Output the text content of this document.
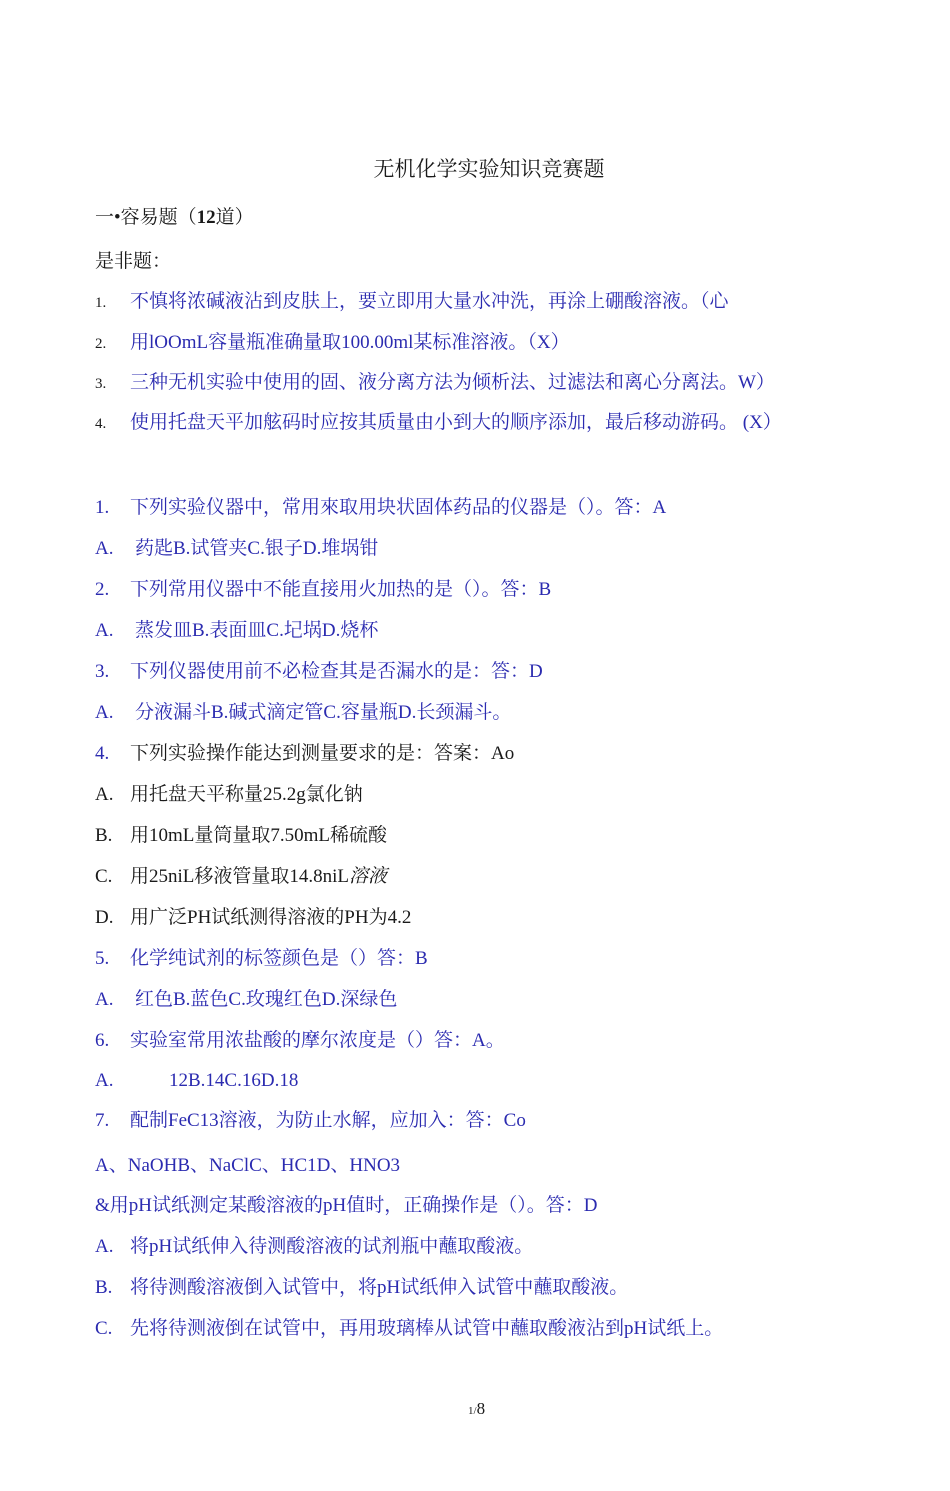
无机化学实验知识竞赛题
一•容易题（12道）
是非题：
1. 不慎将浓碱液沾到皮肤上，要立即用大量水冲洗，再涂上硼酸溶液。（心
2. 用lOOmL容量瓶准确量取100.00ml某标准溶液。（X）
3. 三种无机实验中使用的固、液分离方法为倾析法、过滤法和离心分离法。W）
4. 使用托盘天平加舷码时应按其质量由小到大的顺序添加，最后移动游码。 (X）
1. 下列实验仪器中，常用來取用块状固体药品的仪器是（）。答：A
A. 药匙B.试管夹C.银子D.堆埚钳
2. 下列常用仪器中不能直接用火加热的是（）。答：B
A. 蒸发皿B.表面皿C.圮埚D.烧杯
3. 下列仪器使用前不必检查其是否漏水的是：答：D
A. 分液漏斗B.碱式滴定管C.容量瓶D.长颈漏斗。
4. 下列实验操作能达到测量要求的是：答案：Ao
A. 用托盘天平称量25.2g氯化钠
B. 用10mL量筒量取7.50mL稀硫酸
C. 用25niL移液管量取14.8niL溶液
D. 用广泛PH试纸测得溶液的PH为4.2
5. 化学纯试剂的标签颜色是（）答：B
A. 红色B.蓝色C.玫瑰红色D.深绿色
6. 实验室常用浓盐酸的摩尔浓度是（）答：A。
A.	12B.14C.16D.18
7. 配制FeC13溶液，为防止水解，应加入：答：Co
A、NaOHB、NaClC、HC1D、HNO3
&用pH试纸测定某酸溶液的pH值时，正确操作是（）。答：D
A. 将pH试纸伸入待测酸溶液的试剂瓶中蘸取酸液。
B. 将待测酸溶液倒入试管中，将pH试纸伸入试管中蘸取酸液。
C. 先将待测液倒在试管中，再用玻璃棒从试管中蘸取酸液沾到pH试纸上。
1/8
